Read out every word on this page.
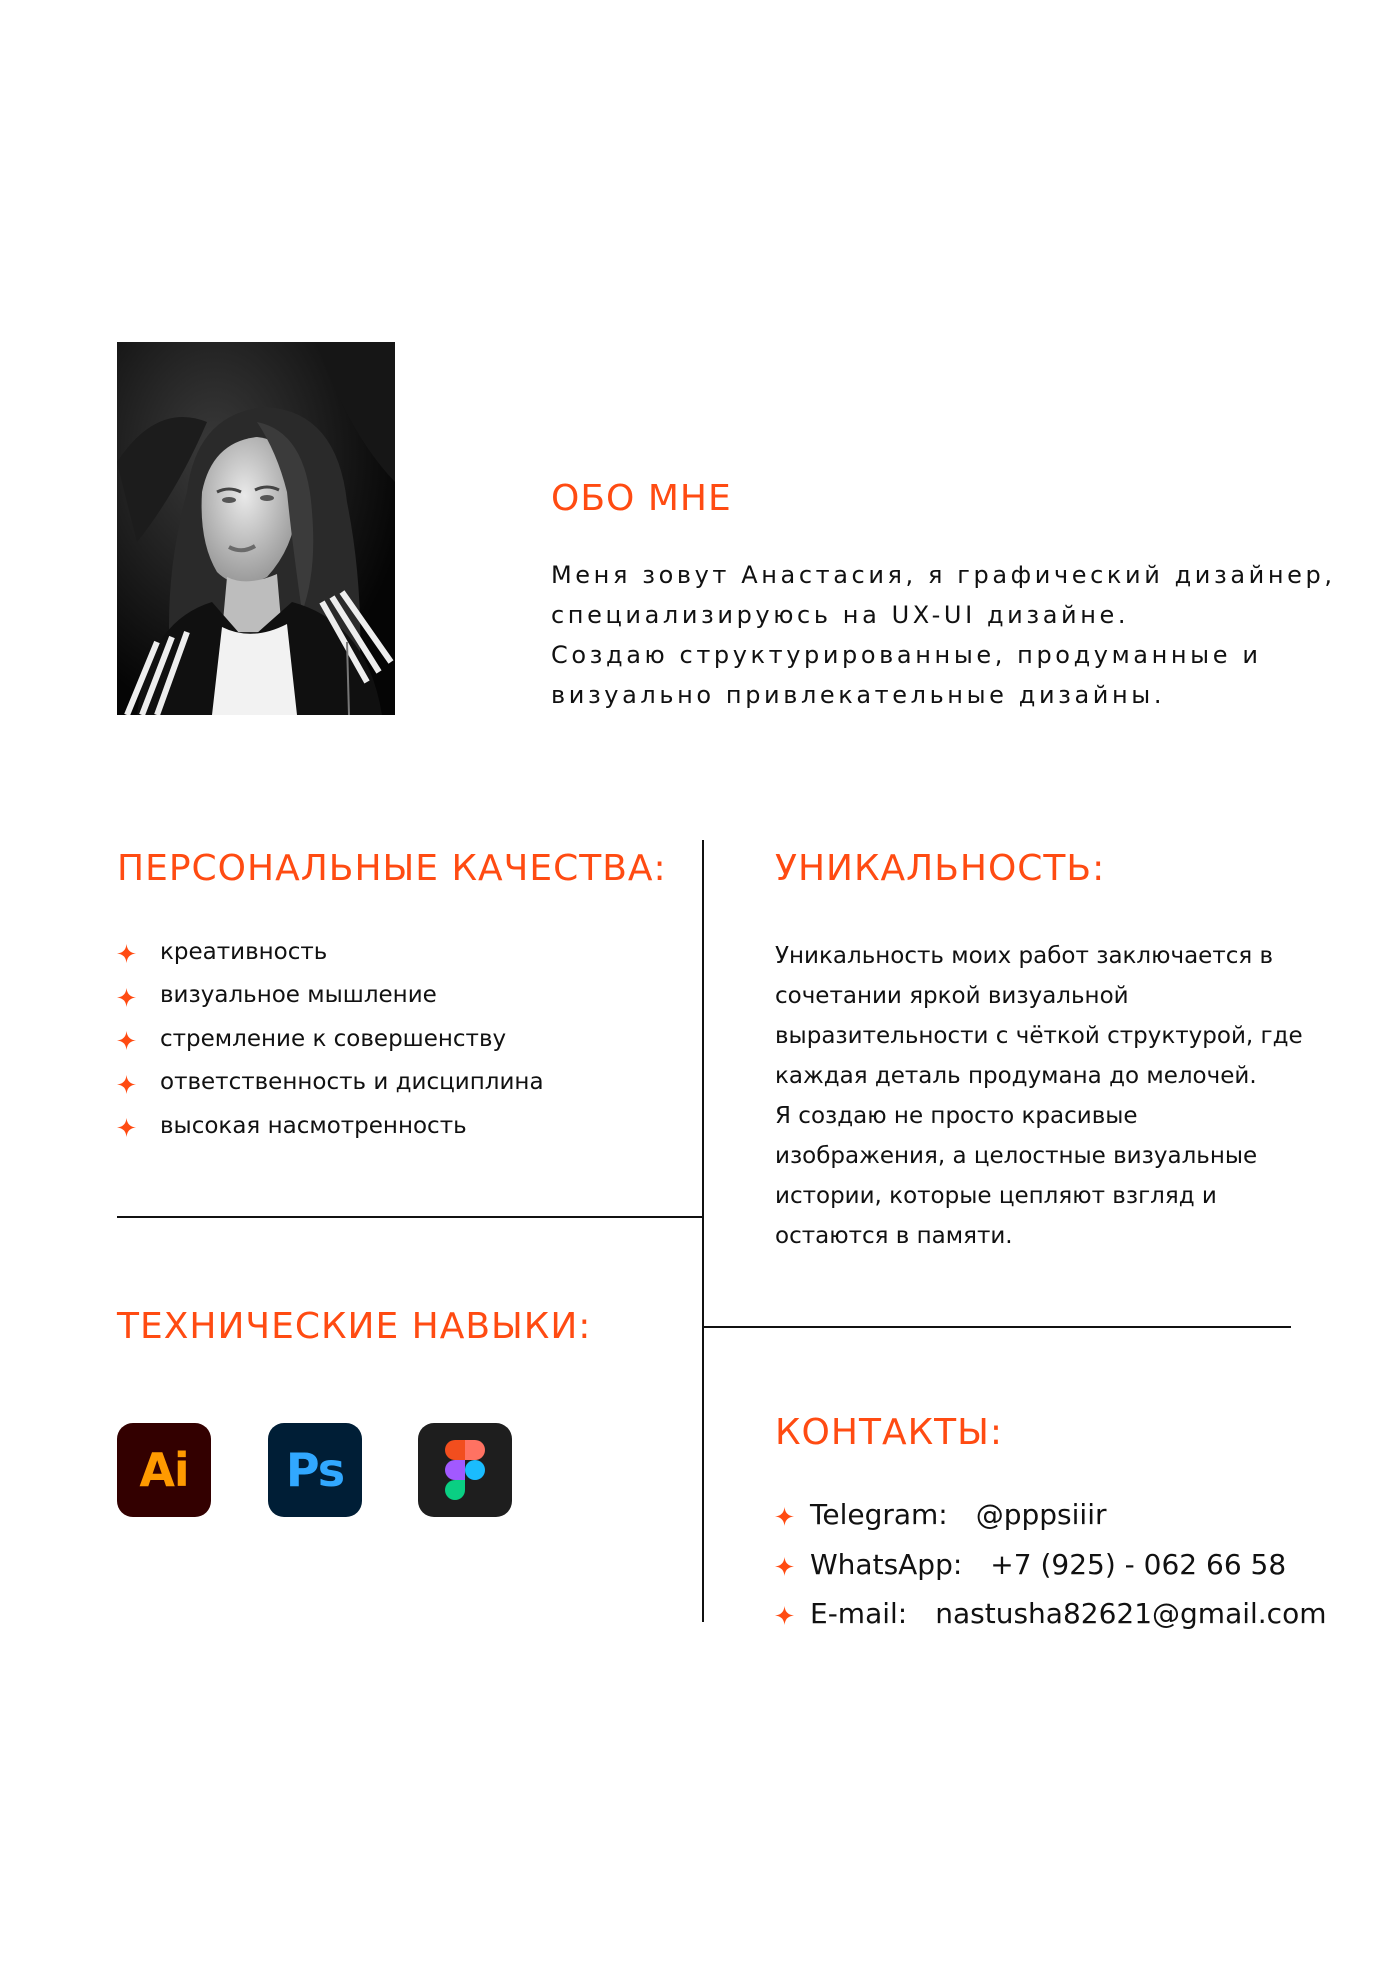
ОБО МНЕ

Меня зовут Анастасия, я графический дизайнер,
специализируюсь на UX-UI дизайне.
Создаю структурированные, продуманные и
визуально привлекательные дизайны.

ПЕРСОНАЛЬНЫЕ КАЧЕСТВА:
креативность
визуальное мышление
стремление к совершенству
ответственность и дисциплина
высокая насмотренность
УНИКАЛЬНОСТЬ:

Уникальность моих работ заключается в
сочетании яркой визуальной
выразительности с чёткой структурой, где
каждая деталь продумана до мелочей.
Я создаю не просто красивые
изображения, а целостные визуальные
истории, которые цепляют взгляд и
остаются в памяти.

ТЕХНИЧЕСКИЕ НАВЫКИ:
Ai Ps
КОНТАКТЫ:
Telegram: @pppsiiir
WhatsApp: +7 (925) - 062 66 58
E-mail: nastusha82621@gmail.com
